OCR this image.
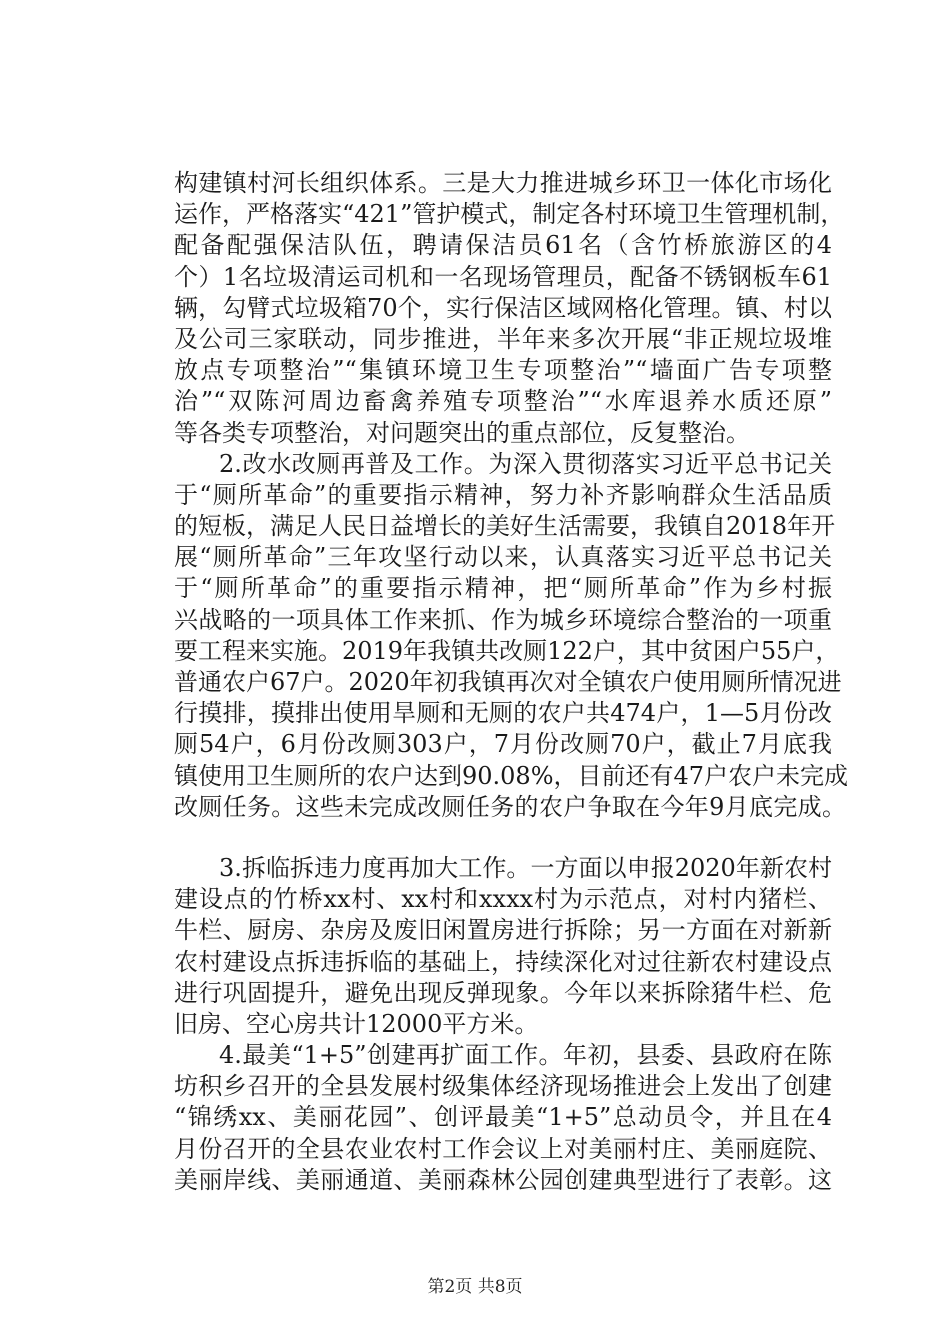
构建镇村河长组织体系。三是大力推进城乡环卫一体化市场化
运作，严格落实“421”管护模式，制定各村环境卫生管理机制，
配备配强保洁队伍，聘请保洁员61名（含竹桥旅游区的4
个）1名垃圾清运司机和一名现场管理员，配备不锈钢板车61
辆，勾臂式垃圾箱70个，实行保洁区域网格化管理。镇、村以
及公司三家联动，同步推进，半年来多次开展“非正规垃圾堆
放点专项整治”“集镇环境卫生专项整治”“墙面广告专项整
治”“双陈河周边畜禽养殖专项整治”“水库退养水质还原”
等各类专项整治，对问题突出的重点部位，反复整治。
2.改水改厕再普及工作。为深入贯彻落实习近平总书记关
于“厕所革命”的重要指示精神，努力补齐影响群众生活品质
的短板，满足人民日益增长的美好生活需要，我镇自2018年开
展“厕所革命”三年攻坚行动以来，认真落实习近平总书记关
于“厕所革命”的重要指示精神，把“厕所革命”作为乡村振
兴战略的一项具体工作来抓、作为城乡环境综合整治的一项重
要工程来实施。2019年我镇共改厕122户，其中贫困户55户，
普通农户67户。2020年初我镇再次对全镇农户使用厕所情况进
行摸排，摸排出使用旱厕和无厕的农户共474户，1—5月份改
厕54户，6月份改厕303户，7月份改厕70户，截止7月底我
镇使用卫生厕所的农户达到90.08%，目前还有47户农户未完成
改厕任务。这些未完成改厕任务的农户争取在今年9月底完成。
3.拆临拆违力度再加大工作。一方面以申报2020年新农村
建设点的竹桥xx村、xx村和xxxx村为示范点，对村内猪栏、
牛栏、厨房、杂房及废旧闲置房进行拆除；另一方面在对新新
农村建设点拆违拆临的基础上，持续深化对过往新农村建设点
进行巩固提升，避免出现反弹现象。今年以来拆除猪牛栏、危
旧房、空心房共计12000平方米。
4.最美“1+5”创建再扩面工作。年初，县委、县政府在陈
坊积乡召开的全县发展村级集体经济现场推进会上发出了创建
“锦绣xx、美丽花园”、创评最美“1+5”总动员令，并且在4
月份召开的全县农业农村工作会议上对美丽村庄、美丽庭院、
美丽岸线、美丽通道、美丽森林公园创建典型进行了表彰。这
第2页 共8页
